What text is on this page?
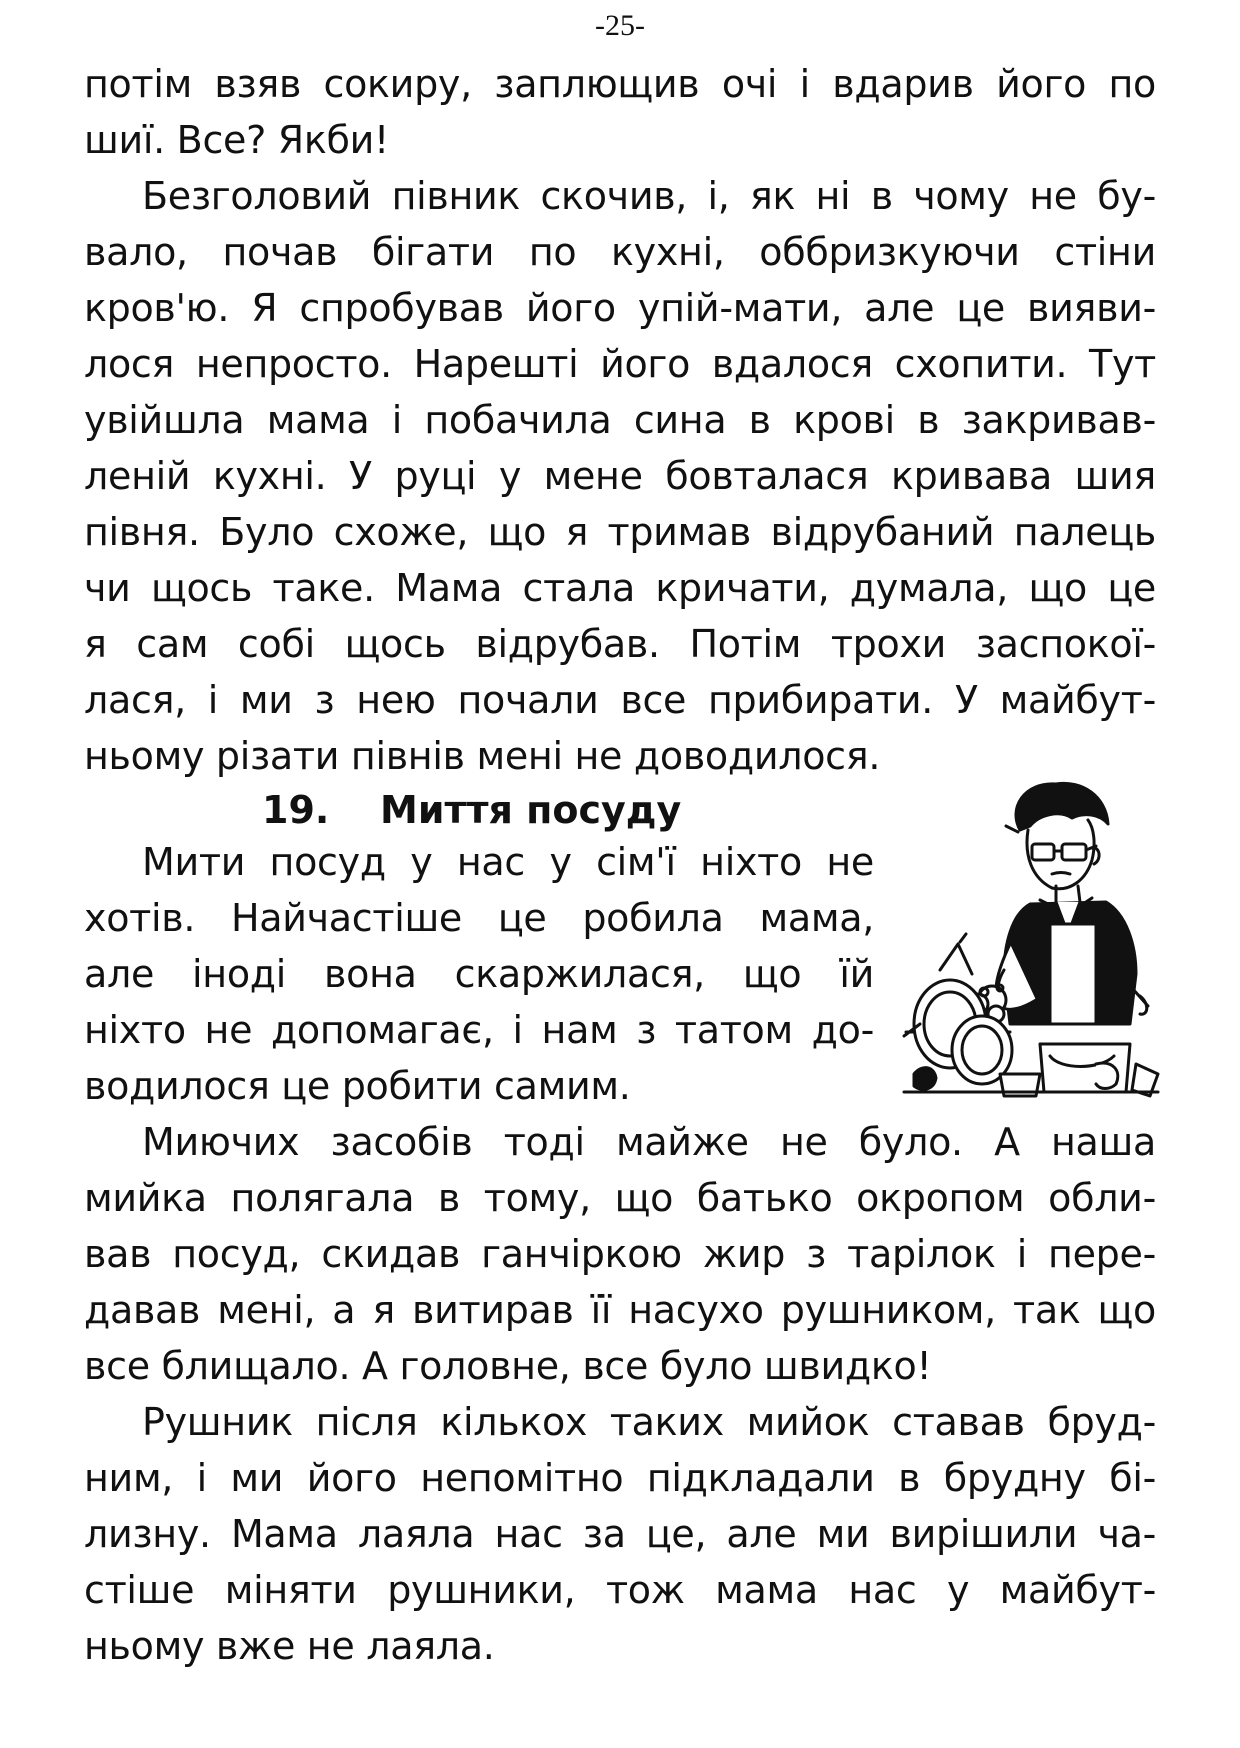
-25-
потім взяв сокиру, заплющив очі і вдарив його по
шиї. Все? Якби!
Безголовий півник скочив, і, як ні в чому не бу-
вало, почав бігати по кухні, оббризкуючи стіни
кров'ю. Я спробував його упій-мати, але це вияви-
лося непросто. Нарешті його вдалося схопити. Тут
увійшла мама і побачила сина в крові в закривав-
леній кухні. У руці у мене бовталася кривава шия
півня. Було схоже, що я тримав відрубаний палець
чи щось таке. Мама стала кричати, думала, що це
я сам собі щось відрубав. Потім трохи заспокої-
лася, і ми з нею почали все прибирати. У майбут-
ньому різати півнів мені не доводилося.
19. Миття посуду
Мити посуд у нас у сім'ї ніхто не
хотів. Найчастіше це робила мама,
але іноді вона скаржилася, що їй
ніхто не допомагає, і нам з татом до-
водилося це робити самим.
Миючих засобів тоді майже не було. А наша
мийка полягала в тому, що батько окропом обли-
вав посуд, скидав ганчіркою жир з тарілок і пере-
давав мені, а я витирав її насухо рушником, так що
все блищало. А головне, все було швидко!
Рушник після кількох таких мийок ставав бруд-
ним, і ми його непомітно підкладали в брудну бі-
лизну. Мама лаяла нас за це, але ми вирішили ча-
стіше міняти рушники, тож мама нас у майбут-
ньому вже не лаяла.
